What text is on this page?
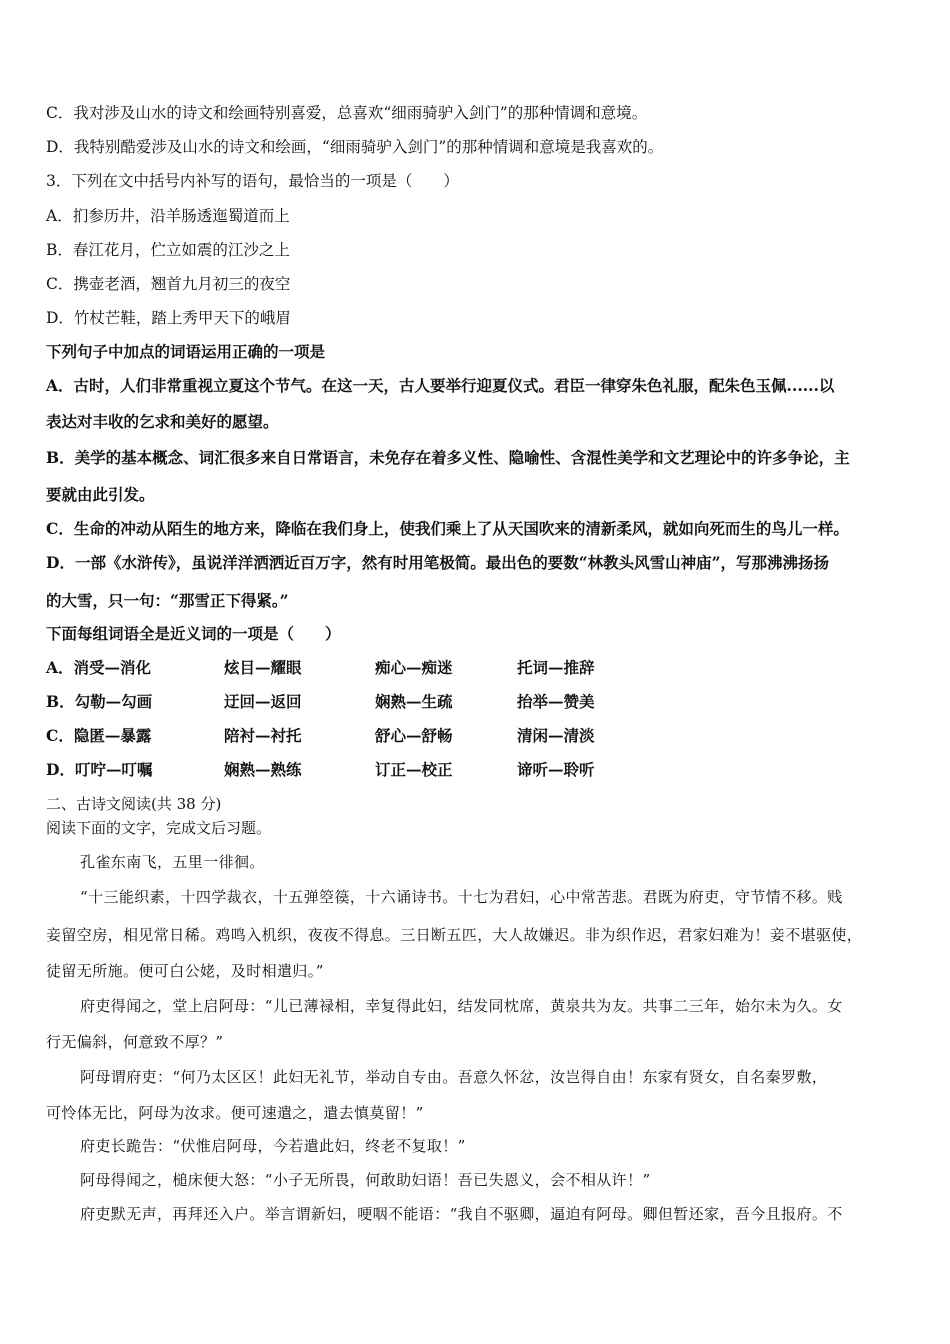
C．我对涉及山水的诗文和绘画特别喜爱，总喜欢“细雨骑驴入剑门”的那种情调和意境。
D．我特别酷爱涉及山水的诗文和绘画，“细雨骑驴入剑门”的那种情调和意境是我喜欢的。
3．下列在文中括号内补写的语句，最恰当的一项是（　　）
A．扪参历井，沿羊肠透迤蜀道而上
B．春江花月，伫立如震的江沙之上
C．携壶老酒，翘首九月初三的夜空
D．竹杖芒鞋，踏上秀甲天下的峨眉
下列句子中加点的词语运用正确的一项是
A．古时，人们非常重视立夏这个节气。在这一天，古人要举行迎夏仪式。君臣一律穿朱色礼服，配朱色玉佩......以
表达对丰收的乞求和美好的愿望。
B．美学的基本概念、词汇很多来自日常语言，未免存在着多义性、隐喻性、含混性美学和文艺理论中的许多争论，主
要就由此引发。
C．生命的冲动从陌生的地方来，降临在我们身上，使我们乘上了从天国吹来的清新柔风，就如向死而生的鸟儿一样。
D．一部《水浒传》，虽说洋洋洒洒近百万字，然有时用笔极简。最出色的要数“林教头风雪山神庙”，写那沸沸扬扬
的大雪，只一句：“那雪正下得紧。”
下面每组词语全是近义词的一项是（　　）
A．消受—消化	炫目—耀眼	痴心—痴迷	托词—推辞
B．勾勒—勾画	迂回—返回	娴熟—生疏	抬举—赞美
C．隐匿—暴露	陪衬—衬托	舒心—舒畅	清闲—清淡
D．叮咛—叮嘱	娴熟—熟练	订正—校正	谛听—聆听
二、古诗文阅读(共 38 分)
阅读下面的文字，完成文后习题。
孔雀东南飞，五里一徘徊。
“十三能织素，十四学裁衣，十五弹箜篌，十六诵诗书。十七为君妇，心中常苦悲。君既为府吏，守节情不移。贱
妾留空房，相见常日稀。鸡鸣入机织，夜夜不得息。三日断五匹，大人故嫌迟。非为织作迟，君家妇难为！妾不堪驱使，
徒留无所施。便可白公姥，及时相遣归。”
府吏得闻之，堂上启阿母：“儿已薄禄相，幸复得此妇，结发同枕席，黄泉共为友。共事二三年，始尔未为久。女
行无偏斜，何意致不厚？”
阿母谓府吏：“何乃太区区！此妇无礼节，举动自专由。吾意久怀忿，汝岂得自由！东家有贤女，自名秦罗敷，
可怜体无比，阿母为汝求。便可速遣之，遣去慎莫留！”
府吏长跪告：“伏惟启阿母，今若遣此妇，终老不复取！”
阿母得闻之，槌床便大怒：“小子无所畏，何敢助妇语！吾已失恩义，会不相从许！”
府吏默无声，再拜还入户。举言谓新妇，哽咽不能语：“我自不驱卿，逼迫有阿母。卿但暂还家，吾今且报府。不
